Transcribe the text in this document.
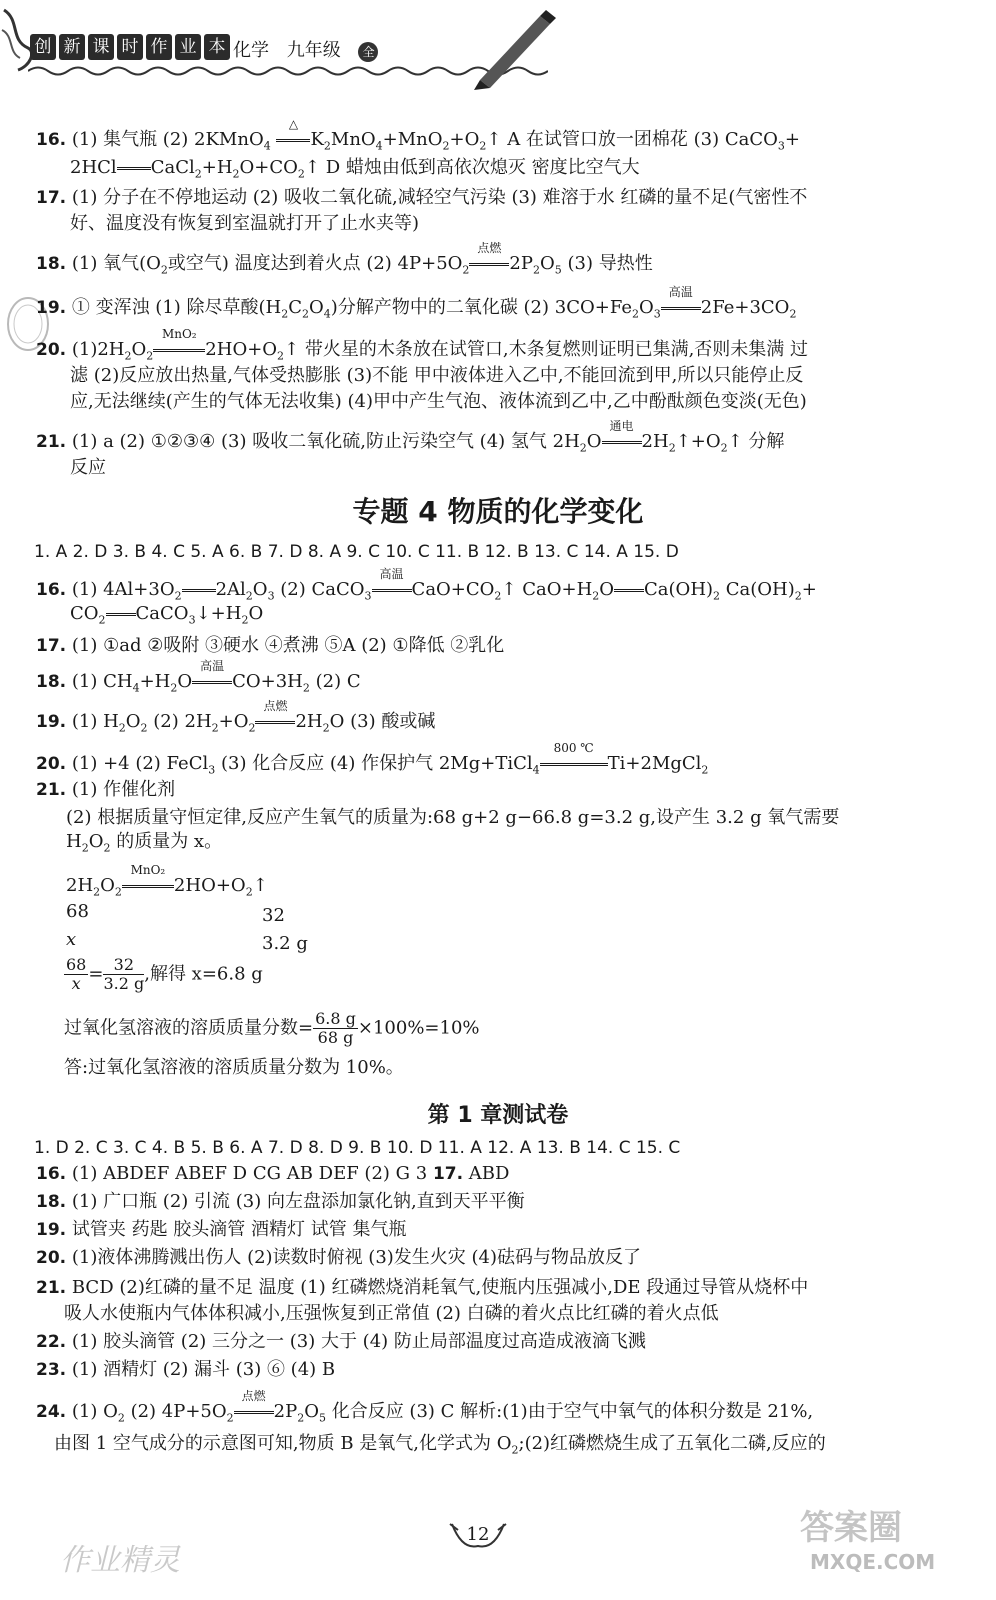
创 新 课 时 作 业 本 化学 九年级 全
16. (1) 集气瓶 (2) 2KMnO$_4$
△
$K_2MnO_4+MnO_2+O_2↑$ A 在试管口放一团棉花 (3) CaCO$_3$+
2HCl $CaCl_2+H_2O+CO_2↑$ D 蜡烛由低到高依次熄灭 密度比空气大
17. (1) 分子在不停地运动 (2) 吸收二氧化硫,减轻空气污染 (3) 难溶于水 红磷的量不足(气密性不
好、温度没有恢复到室温就打开了止水夹等)
18. (1) 氧气($O_2$或空气) 温度达到着火点 (2) $4P+5O_2$
点燃
$2P_2O_5$ (3) 导热性
19. ① 变浑浊 (1) 除尽草酸$(H_2C_2O_4)$分解产物中的二氧化碳 (2) $3CO+Fe_2O_3$
高温
$2Fe+3CO_2$
20. $(1)2H_2O_2$
MnO₂
$2HO+O_2↑$ 带火星的木条放在试管口,木条复燃则证明已集满,否则未集满 过
滤 (2)反应放出热量,气体受热膨胀 (3)不能 甲中液体进入乙中,不能回流到甲,所以只能停止反
应,无法继续(产生的气体无法收集) (4)甲中产生气泡、液体流到乙中,乙中酚酞颜色变淡(无色)
21. (1) a (2) ①②③④ (3) 吸收二氧化硫,防止污染空气 (4) 氢气 $2H_2O$
通电
$2H_2↑+O_2↑$ 分解
反应
专题 4 物质的化学变化
1. A 2. D 3. B 4. C 5. A 6. B 7. D 8. A 9. C 10. C 11. B 12. B 13. C 14. A 15. D
16. (1) $4Al+3O_2$ $2Al_2O_3$ (2) CaCO$_3$
高温
$CaO+CO_2↑$ $CaO+H_2O$ $Ca(OH)_2$ $Ca(OH)_2+$
$CO_2$ $CaCO_3↓+H_2O$
17. (1) ①ad ②吸附 ③硬水 ④煮沸 ⑤A (2) ①降低 ②乳化
18. (1) $CH_4+H_2O$
高温
$CO+3H_2$ (2) C
19. (1) $H_2O_2$ (2) $2H_2+O_2$
点燃
$2H_2O$ (3) 酸或碱
20. (1) +4 (2) FeCl$_3$ (3) 化合反应 (4) 作保护气 2Mg+TiCl$_4$
800 ℃
Ti+2MgCl$_2$
21. (1) 作催化剂
(2) 根据质量守恒定律,反应产生氧气的质量为:68 g+2 g−66.8 g=3.2 g,设产生 3.2 g 氧气需要
$H_2O_2$ 的质量为 x。
$2H_2O_2$
MnO₂
$2HO+O_2↑$
68	32
x	3.2 g
$\frac{68}{x} = \frac{32}{3.2 g}$ ,解得 x=6.8 g
过氧化氢溶液的溶质质量分数= $\frac{6.8 g}{68 g} \times 100\%=10\%$
答:过氧化氢溶液的溶质质量分数为 10%。
第 1 章测试卷
1. D 2. C 3. C 4. B 5. B 6. A 7. D 8. D 9. B 10. D 11. A 12. A 13. B 14. C 15. C
16. (1) ABDEF ABEF D CG AB DEF (2) G 3 17. ABD
18. (1) 广口瓶 (2) 引流 (3) 向左盘添加氯化钠,直到天平平衡
19. 试管夹 药匙 胶头滴管 酒精灯 试管 集气瓶
20. (1)液体沸腾溅出伤人 (2)读数时俯视 (3)发生火灾 (4)砝码与物品放反了
21. BCD (2)红磷的量不足 温度 (1) 红磷燃烧消耗氧气,使瓶内压强减小,DE 段通过导管从烧杯中
吸人水使瓶内气体体积减小,压强恢复到正常值 (2) 白磷的着火点比红磷的着火点低
22. (1) 胶头滴管 (2) 三分之一 (3) 大于 (4) 防止局部温度过高造成液滴飞溅
23. (1) 酒精灯 (2) 漏斗 (3) ⑥ (4) B
24. (1) $O_2$ (2) $4P+5O_2$
点燃
$2P_2O_5$ 化合反应 (3) C 解析:(1)由于空气中氧气的体积分数是 21%,
由图 1 空气成分的示意图可知,物质 B 是氧气,化学式为 $O_2;(2)$红磷燃烧生成了五氧化二磷,反应的
12
作业精灵
答案圈
MXQE.COM
